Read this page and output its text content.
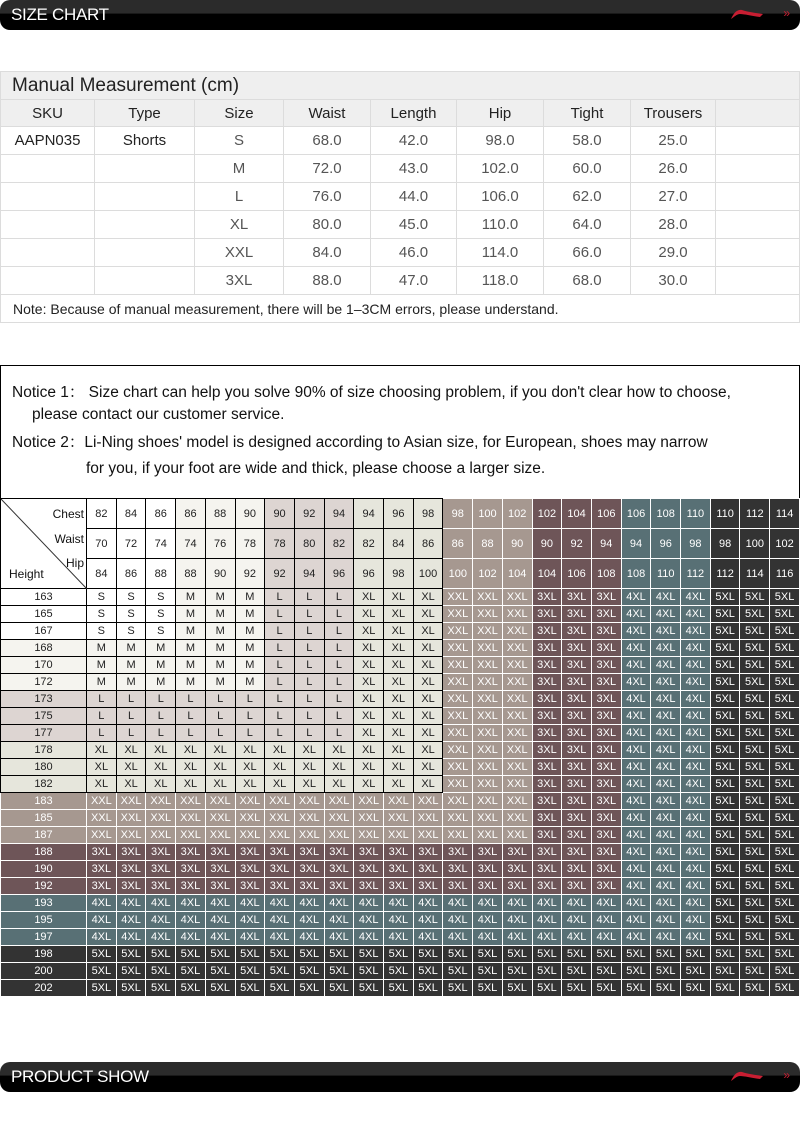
SIZE CHART	»
Manual Measurement (cm)								
SKU	Type	Size	Waist	Length	Hip	Tight	Trousers	
AAPN035	Shorts	S	68.0	42.0	98.0	58.0	25.0	
		M	72.0	43.0	102.0	60.0	26.0	
		L	76.0	44.0	106.0	62.0	27.0	
		XL	80.0	45.0	110.0	64.0	28.0	
		XXL	84.0	46.0	114.0	66.0	29.0	
		3XL	88.0	47.0	118.0	68.0	30.0	
Note: Because of manual measurement, there will be 1–3CM errors, please understand.								
Notice 1： Size chart can help you solve 90% of size choosing problem, if you don't clear how to choose,
please contact our customer service.
Notice 2：Li-Ning shoes' model is designed according to Asian size, for European, shoes may narrow
for you, if your foot are wide and thick, please choose a larger size.
Chest
Waist
Hip
Height	82	84	86	86	88	90	90	92	94	94	96	98	98	100	102	102	104	106	106	108	110	110	112	114
	70	72	74	74	76	78	78	80	82	82	84	86	86	88	90	90	92	94	94	96	98	98	100	102
	84	86	88	88	90	92	92	94	96	96	98	100	100	102	104	104	106	108	108	110	112	112	114	116
163	S	S	S	M	M	M	L	L	L	XL	XL	XL	XXL	XXL	XXL	3XL	3XL	3XL	4XL	4XL	4XL	5XL	5XL	5XL
165	S	S	S	M	M	M	L	L	L	XL	XL	XL	XXL	XXL	XXL	3XL	3XL	3XL	4XL	4XL	4XL	5XL	5XL	5XL
167	S	S	S	M	M	M	L	L	L	XL	XL	XL	XXL	XXL	XXL	3XL	3XL	3XL	4XL	4XL	4XL	5XL	5XL	5XL
168	M	M	M	M	M	M	L	L	L	XL	XL	XL	XXL	XXL	XXL	3XL	3XL	3XL	4XL	4XL	4XL	5XL	5XL	5XL
170	M	M	M	M	M	M	L	L	L	XL	XL	XL	XXL	XXL	XXL	3XL	3XL	3XL	4XL	4XL	4XL	5XL	5XL	5XL
172	M	M	M	M	M	M	L	L	L	XL	XL	XL	XXL	XXL	XXL	3XL	3XL	3XL	4XL	4XL	4XL	5XL	5XL	5XL
173	L	L	L	L	L	L	L	L	L	XL	XL	XL	XXL	XXL	XXL	3XL	3XL	3XL	4XL	4XL	4XL	5XL	5XL	5XL
175	L	L	L	L	L	L	L	L	L	XL	XL	XL	XXL	XXL	XXL	3XL	3XL	3XL	4XL	4XL	4XL	5XL	5XL	5XL
177	L	L	L	L	L	L	L	L	L	XL	XL	XL	XXL	XXL	XXL	3XL	3XL	3XL	4XL	4XL	4XL	5XL	5XL	5XL
178	XL	XL	XL	XL	XL	XL	XL	XL	XL	XL	XL	XL	XXL	XXL	XXL	3XL	3XL	3XL	4XL	4XL	4XL	5XL	5XL	5XL
180	XL	XL	XL	XL	XL	XL	XL	XL	XL	XL	XL	XL	XXL	XXL	XXL	3XL	3XL	3XL	4XL	4XL	4XL	5XL	5XL	5XL
182	XL	XL	XL	XL	XL	XL	XL	XL	XL	XL	XL	XL	XXL	XXL	XXL	3XL	3XL	3XL	4XL	4XL	4XL	5XL	5XL	5XL
183	XXL	XXL	XXL	XXL	XXL	XXL	XXL	XXL	XXL	XXL	XXL	XXL	XXL	XXL	XXL	3XL	3XL	3XL	4XL	4XL	4XL	5XL	5XL	5XL
185	XXL	XXL	XXL	XXL	XXL	XXL	XXL	XXL	XXL	XXL	XXL	XXL	XXL	XXL	XXL	3XL	3XL	3XL	4XL	4XL	4XL	5XL	5XL	5XL
187	XXL	XXL	XXL	XXL	XXL	XXL	XXL	XXL	XXL	XXL	XXL	XXL	XXL	XXL	XXL	3XL	3XL	3XL	4XL	4XL	4XL	5XL	5XL	5XL
188	3XL	3XL	3XL	3XL	3XL	3XL	3XL	3XL	3XL	3XL	3XL	3XL	3XL	3XL	3XL	3XL	3XL	3XL	4XL	4XL	4XL	5XL	5XL	5XL
190	3XL	3XL	3XL	3XL	3XL	3XL	3XL	3XL	3XL	3XL	3XL	3XL	3XL	3XL	3XL	3XL	3XL	3XL	4XL	4XL	4XL	5XL	5XL	5XL
192	3XL	3XL	3XL	3XL	3XL	3XL	3XL	3XL	3XL	3XL	3XL	3XL	3XL	3XL	3XL	3XL	3XL	3XL	4XL	4XL	4XL	5XL	5XL	5XL
193	4XL	4XL	4XL	4XL	4XL	4XL	4XL	4XL	4XL	4XL	4XL	4XL	4XL	4XL	4XL	4XL	4XL	4XL	4XL	4XL	4XL	5XL	5XL	5XL
195	4XL	4XL	4XL	4XL	4XL	4XL	4XL	4XL	4XL	4XL	4XL	4XL	4XL	4XL	4XL	4XL	4XL	4XL	4XL	4XL	4XL	5XL	5XL	5XL
197	4XL	4XL	4XL	4XL	4XL	4XL	4XL	4XL	4XL	4XL	4XL	4XL	4XL	4XL	4XL	4XL	4XL	4XL	4XL	4XL	4XL	5XL	5XL	5XL
198	5XL	5XL	5XL	5XL	5XL	5XL	5XL	5XL	5XL	5XL	5XL	5XL	5XL	5XL	5XL	5XL	5XL	5XL	5XL	5XL	5XL	5XL	5XL	5XL
200	5XL	5XL	5XL	5XL	5XL	5XL	5XL	5XL	5XL	5XL	5XL	5XL	5XL	5XL	5XL	5XL	5XL	5XL	5XL	5XL	5XL	5XL	5XL	5XL
202	5XL	5XL	5XL	5XL	5XL	5XL	5XL	5XL	5XL	5XL	5XL	5XL	5XL	5XL	5XL	5XL	5XL	5XL	5XL	5XL	5XL	5XL	5XL	5XL
PRODUCT SHOW	»
